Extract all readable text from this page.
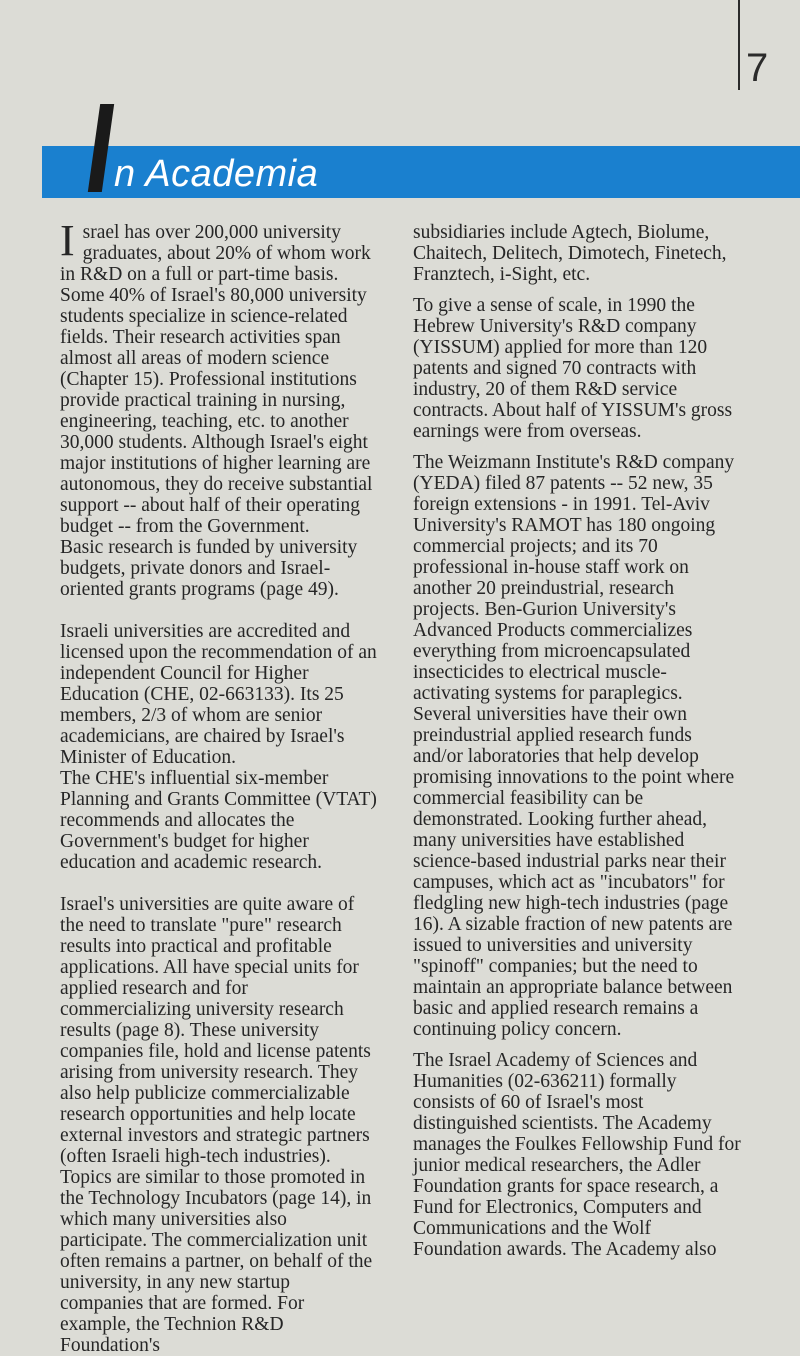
7
n Academia

Israel has over 200,000 university graduates, about 20% of whom work in R&D on a full or part-time basis. Some 40% of Israel's 80,000 university students specialize in science-related fields. Their research activities span almost all areas of modern science (Chapter 15). Professional institutions provide practical training in nursing, engineering, teaching, etc. to another 30,000 students. Although Israel's eight major institutions of higher learning are autonomous, they do receive substantial support -- about half of their operating budget -- from the Government.

Basic research is funded by university budgets, private donors and Israel-oriented grants programs (page 49).

Israeli universities are accredited and licensed upon the recommendation of an independent Council for Higher Education (CHE, 02-663133). Its 25 members, 2/3 of whom are senior academicians, are chaired by Israel's Minister of Education.

The CHE's influential six-member Planning and Grants Committee (VTAT) recommends and allocates the Government's budget for higher education and academic research.

Israel's universities are quite aware of the need to translate "pure" research results into practical and profitable applications. All have special units for applied research and for commercializing university research results (page 8). These university companies file, hold and license patents arising from university research. They also help publicize commercializable research opportunities and help locate external investors and strategic partners (often Israeli high-tech industries). Topics are similar to those promoted in the Technology Incubators (page 14), in which many universities also participate. The commercialization unit often remains a partner, on behalf of the university, in any new startup companies that are formed. For example, the Technion R&D Foundation's

subsidiaries include Agtech, Biolume, Chaitech, Delitech, Dimotech, Finetech, Franztech, i-Sight, etc.

To give a sense of scale, in 1990 the Hebrew University's R&D company (YISSUM) applied for more than 120 patents and signed 70 contracts with industry, 20 of them R&D service contracts. About half of YISSUM's gross earnings were from overseas.

The Weizmann Institute's R&D company (YEDA) filed 87 patents -- 52 new, 35 foreign extensions - in 1991. Tel-Aviv University's RAMOT has 180 ongoing commercial projects; and its 70 professional in-house staff work on another 20 preindustrial, research projects. Ben-Gurion University's Advanced Products commercializes everything from microencapsulated insecticides to electrical muscle-activating systems for paraplegics.

Several universities have their own preindustrial applied research funds and/or laboratories that help develop promising innovations to the point where commercial feasibility can be demonstrated. Looking further ahead, many universities have established science-based industrial parks near their campuses, which act as "incubators" for fledgling new high-tech industries (page 16). A sizable fraction of new patents are issued to universities and university "spinoff" companies; but the need to maintain an appropriate balance between basic and applied research remains a continuing policy concern.

The Israel Academy of Sciences and Humanities (02-636211) formally consists of 60 of Israel's most distinguished scientists. The Academy manages the Foulkes Fellowship Fund for junior medical researchers, the Adler Foundation grants for space research, a Fund for Electronics, Computers and Communications and the Wolf Foundation awards. The Academy also
